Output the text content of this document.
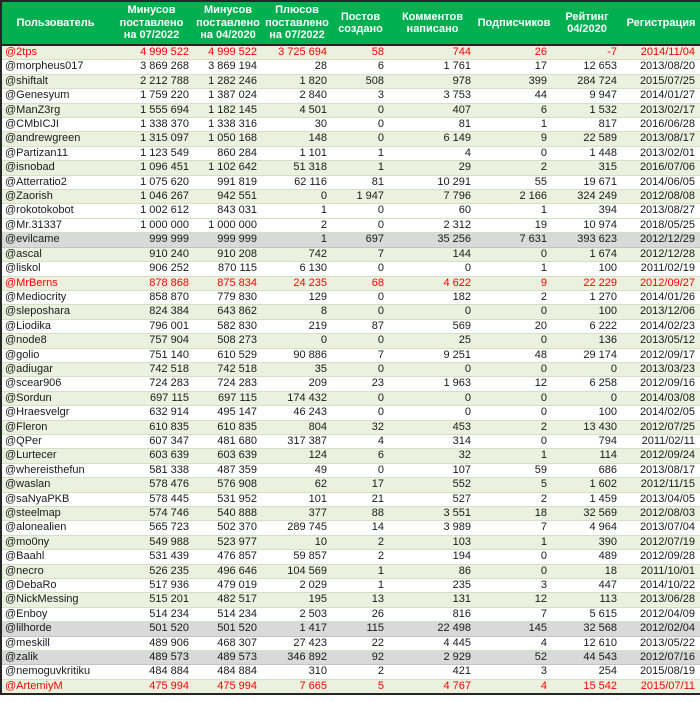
Пользователь	Минусов поставлено на 07/2022	Минусов поставлено на 04/2020	Плюсов поставлено на 07/2022	Постов создано	Комментов написано	Подписчиков	Рейтинг 04/2020	Регистрация
@2tps	4 999 522	4 999 522	3 725 694	58	744	26	-7	2014/11/04
@morpheus017	3 869 268	3 869 194	28	6	1 761	17	12 653	2013/08/20
@shiftalt	2 212 788	1 282 246	1 820	508	978	399	284 724	2015/07/25
@Genesyum	1 759 220	1 387 024	2 840	3	3 753	44	9 947	2014/01/27
@ManZ3rg	1 555 694	1 182 145	4 501	0	407	6	1 532	2013/02/17
@CMbICJI	1 338 370	1 338 316	30	0	81	1	817	2016/06/28
@andrewgreen	1 315 097	1 050 168	148	0	6 149	9	22 589	2013/08/17
@Partizan11	1 123 549	860 284	1 101	1	4	0	1 448	2013/02/01
@isnobad	1 096 451	1 102 642	51 318	1	29	2	315	2016/07/06
@Atterratio2	1 075 620	991 819	62 116	81	10 291	55	19 671	2014/06/05
@Zaorish	1 046 267	942 551	0	1 947	7 796	2 166	324 249	2012/08/08
@rokotokobot	1 002 612	843 031	1	0	60	1	394	2013/08/27
@Mr.31337	1 000 000	1 000 000	2	0	2 312	19	10 974	2018/05/25
@evilcame	999 999	999 999	1	697	35 256	7 631	393 623	2012/12/29
@ascal	910 240	910 208	742	7	144	0	1 674	2012/12/28
@liskol	906 252	870 115	6 130	0	0	1	100	2011/02/19
@MrBerns	878 868	875 834	24 235	68	4 622	9	22 229	2012/09/27
@Mediocrity	858 870	779 830	129	0	182	2	1 270	2014/01/26
@sleposhara	824 384	643 862	8	0	0	0	100	2013/12/06
@Liodika	796 001	582 830	219	87	569	20	6 222	2014/02/23
@node8	757 904	508 273	0	0	25	0	136	2013/05/12
@golio	751 140	610 529	90 886	7	9 251	48	29 174	2012/09/17
@adiugar	742 518	742 518	35	0	0	0	0	2013/03/23
@scear906	724 283	724 283	209	23	1 963	12	6 258	2012/09/16
@Sordun	697 115	697 115	174 432	0	0	0	0	2014/03/08
@Hraesvelgr	632 914	495 147	46 243	0	0	0	100	2014/02/05
@Fleron	610 835	610 835	804	32	453	2	13 430	2012/07/25
@QPer	607 347	481 680	317 387	4	314	0	794	2011/02/11
@Lurtecer	603 639	603 639	124	6	32	1	114	2012/09/24
@whereisthefun	581 338	487 359	49	0	107	59	686	2013/08/17
@waslan	578 476	576 908	62	17	552	5	1 602	2012/11/15
@saNyaPKB	578 445	531 952	101	21	527	2	1 459	2013/04/05
@steelmap	574 746	540 888	377	88	3 551	18	32 569	2012/08/03
@alonealien	565 723	502 370	289 745	14	3 989	7	4 964	2013/07/04
@mo0ny	549 988	523 977	10	2	103	1	390	2012/07/19
@Baahl	531 439	476 857	59 857	2	194	0	489	2012/09/28
@necro	526 235	496 646	104 569	1	86	0	18	2011/10/01
@DebaRo	517 936	479 019	2 029	1	235	3	447	2014/10/22
@NickMessing	515 201	482 517	195	13	131	12	113	2013/06/28
@Enboy	514 234	514 234	2 503	26	816	7	5 615	2012/04/09
@lilhorde	501 520	501 520	1 417	115	22 498	145	32 568	2012/02/04
@meskill	489 906	468 307	27 423	22	4 445	4	12 610	2013/05/22
@zalik	489 573	489 573	346 892	92	2 929	52	44 543	2012/07/16
@nemoguvkritiku	484 884	484 884	310	2	421	3	254	2015/08/19
@ArtemiyM	475 994	475 994	7 665	5	4 767	4	15 542	2015/07/11
